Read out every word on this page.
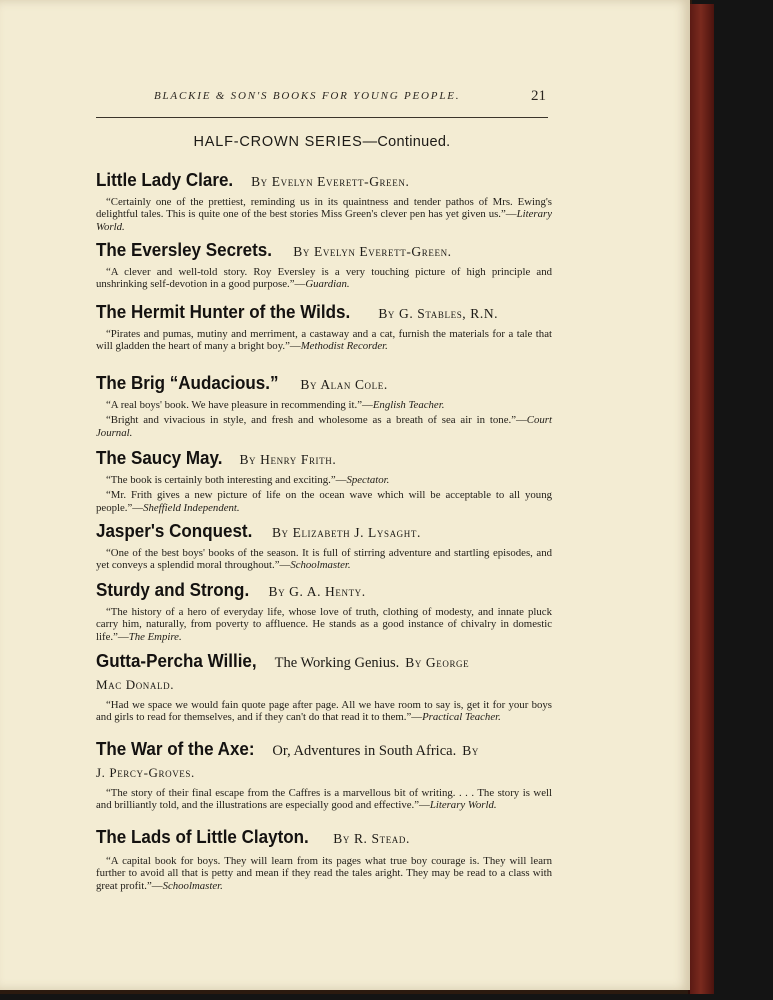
BLACKIE & SON'S BOOKS FOR YOUNG PEOPLE.	21
HALF-CROWN SERIES—Continued.
Little Lady Clare. By Evelyn Everett-Green.

“Certainly one of the prettiest, reminding us in its quaintness and tender pathos of Mrs. Ewing's delightful tales. This is quite one of the best stories Miss Green's clever pen has yet given us.”—Literary World.

The Eversley Secrets. By Evelyn Everett-Green.

“A clever and well-told story. Roy Eversley is a very touching picture of high principle and unshrinking self-devotion in a good purpose.”—Guardian.

The Hermit Hunter of the Wilds. By G. Stables, R.N.

“Pirates and pumas, mutiny and merriment, a castaway and a cat, furnish the materials for a tale that will gladden the heart of many a bright boy.”—Methodist Recorder.

The Brig “Audacious.” By Alan Cole.

“A real boys' book. We have pleasure in recommending it.”—English Teacher.

“Bright and vivacious in style, and fresh and wholesome as a breath of sea air in tone.”—Court Journal.

The Saucy May. By Henry Frith.

“The book is certainly both interesting and exciting.”—Spectator.

“Mr. Frith gives a new picture of life on the ocean wave which will be acceptable to all young people.”—Sheffield Independent.

Jasper's Conquest. By Elizabeth J. Lysaght.

“One of the best boys' books of the season. It is full of stirring adventure and startling episodes, and yet conveys a splendid moral throughout.”—Schoolmaster.

Sturdy and Strong. By G. A. Henty.

“The history of a hero of everyday life, whose love of truth, clothing of modesty, and innate pluck carry him, naturally, from poverty to affluence. He stands as a good instance of chivalry in domestic life.”—The Empire.

Gutta-Percha Willie, The Working Genius. By George
Mac Donald.

“Had we space we would fain quote page after page. All we have room to say is, get it for your boys and girls to read for themselves, and if they can't do that read it to them.”—Practical Teacher.

The War of the Axe: Or, Adventures in South Africa. By
J. Percy-Groves.

“The story of their final escape from the Caffres is a marvellous bit of writing. . . . The story is well and brilliantly told, and the illustrations are especially good and effective.”—Literary World.

The Lads of Little Clayton. By R. Stead.

“A capital book for boys. They will learn from its pages what true boy courage is. They will learn further to avoid all that is petty and mean if they read the tales aright. They may be read to a class with great profit.”—Schoolmaster.
